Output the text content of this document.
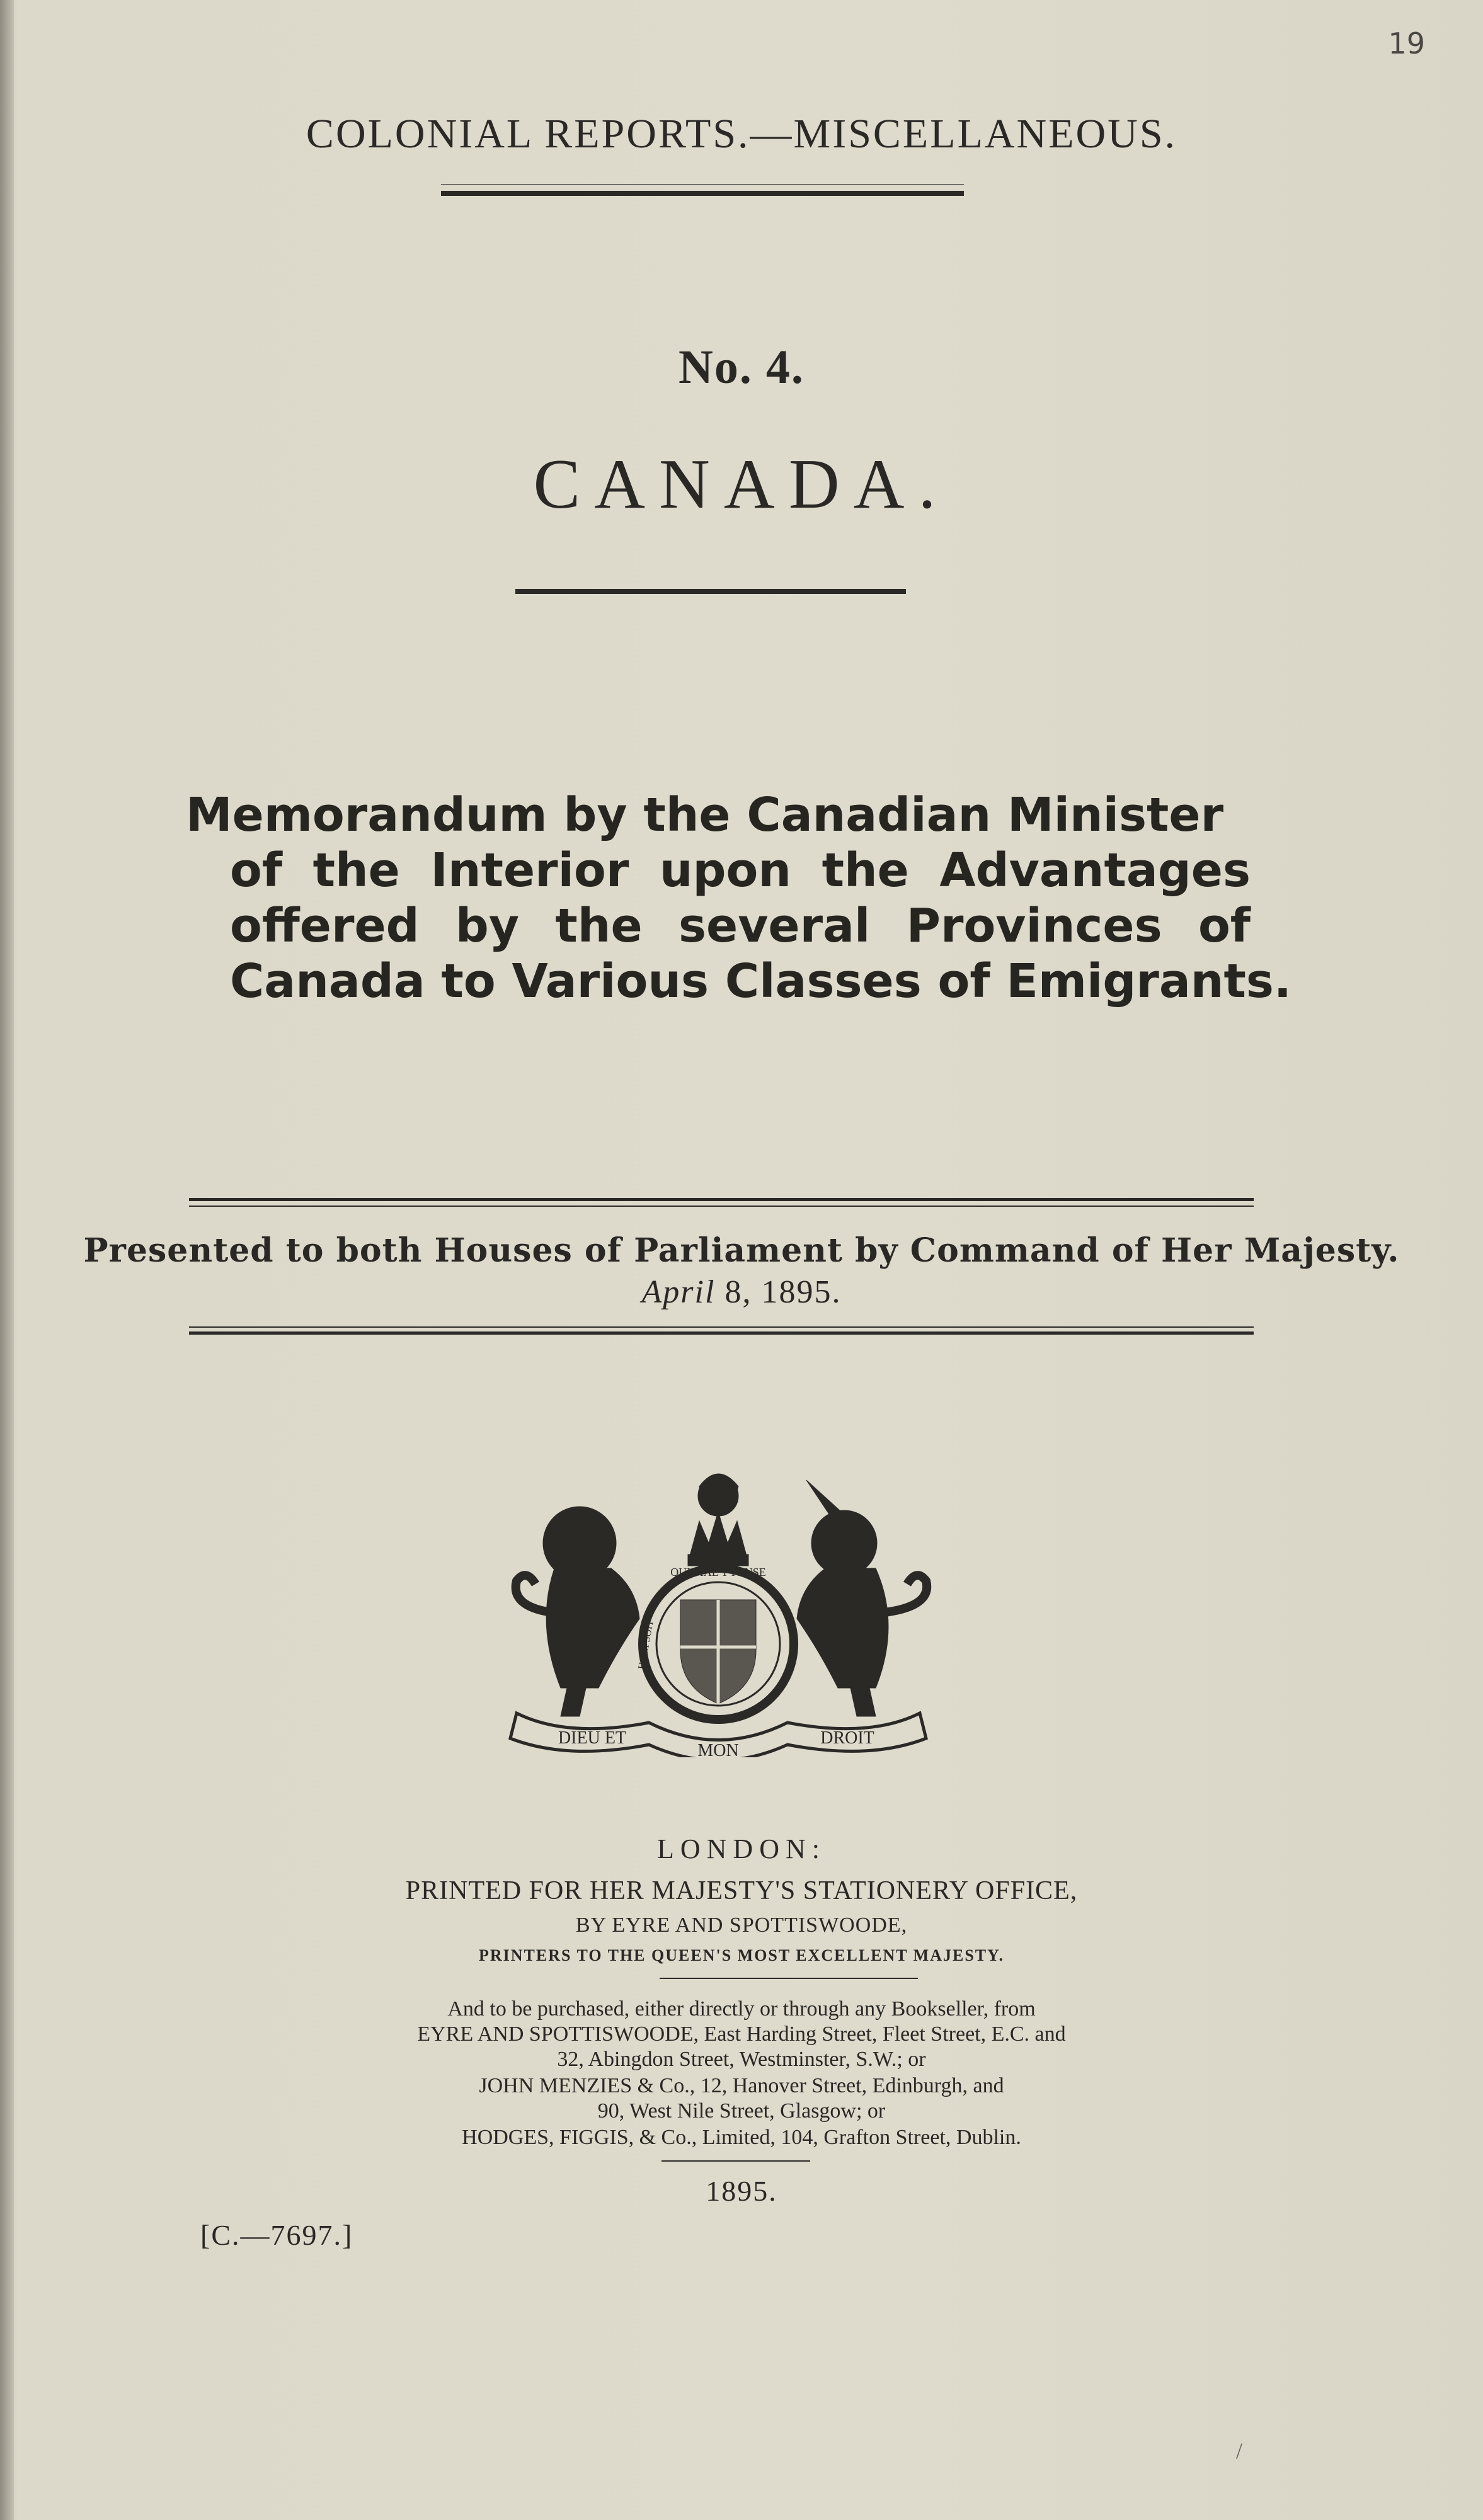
19
COLONIAL REPORTS.—MISCELLANEOUS.
No. 4.
CANADA.
Memorandum by the Canadian Minister
of the Interior upon the Advantages
offered by the several Provinces of
Canada to Various Classes of Emigrants.
Presented to both Houses of Parliament by Command of Her Majesty.
April 8, 1895.
DIEU ET
MON
DROIT
QUI MAL Y PENSE
HONI SOIT
LONDON:
PRINTED FOR HER MAJESTY'S STATIONERY OFFICE,
BY EYRE AND SPOTTISWOODE,
PRINTERS TO THE QUEEN'S MOST EXCELLENT MAJESTY.
And to be purchased, either directly or through any Bookseller, from
EYRE AND SPOTTISWOODE, East Harding Street, Fleet Street, E.C. and
32, Abingdon Street, Westminster, S.W.; or
JOHN MENZIES & Co., 12, Hanover Street, Edinburgh, and
90, West Nile Street, Glasgow; or
HODGES, FIGGIS, & Co., Limited, 104, Grafton Street, Dublin.
1895.
[C.—7697.]
/
